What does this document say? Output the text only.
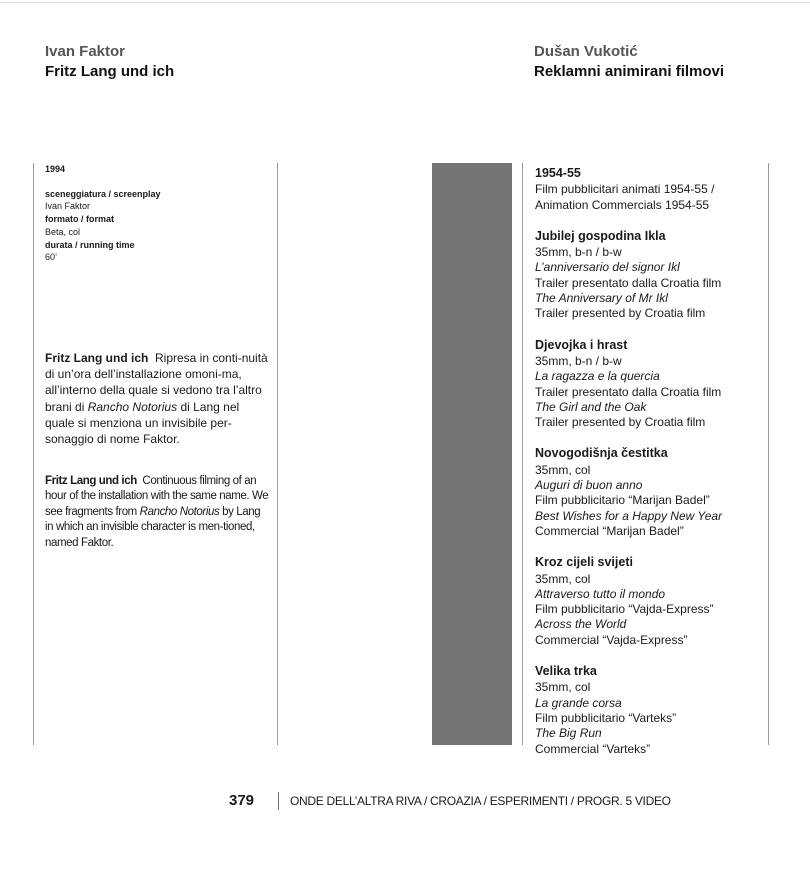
Ivan Faktor
Fritz Lang und ich
Dušan Vukotić
Reklamni animirani filmovi
1994
sceneggiatura / screenplay
Ivan Faktor
formato / format
Beta, col
durata / running time
60’
Fritz Lang und ich Ripresa in conti-nuità di un’ora dell’installazione omoni-ma, all’interno della quale si vedono tra l’altro brani di Rancho Notorius di Lang nel quale si menziona un invisibile per-sonaggio di nome Faktor.
Fritz Lang und ich Continuous filming of an hour of the installation with the same name. We see fragments from Rancho Notorius by Lang in which an invisible character is men-tioned, named Faktor.
1954-55
Film pubblicitari animati 1954-55 /
Animation Commercials 1954-55
Jubilej gospodina Ikla
35mm, b-n / b-w
L’anniversario del signor Ikl
Trailer presentato dalla Croatia film
The Anniversary of Mr Ikl
Trailer presented by Croatia film
Djevojka i hrast
35mm, b-n / b-w
La ragazza e la quercia
Trailer presentato dalla Croatia film
The Girl and the Oak
Trailer presented by Croatia film
Novogodišnja čestitka
35mm, col
Auguri di buon anno
Film pubblicitario “Marijan Badel”
Best Wishes for a Happy New Year
Commercial “Marijan Badel”
Kroz cijeli svijeti
35mm, col
Attraverso tutto il mondo
Film pubblicitario “Vajda-Express”
Across the World
Commercial “Vajda-Express”
Velika trka
35mm, col
La grande corsa
Film pubblicitario “Varteks”
The Big Run
Commercial “Varteks”
379	ONDE DELL’ALTRA RIVA / CROAZIA / ESPERIMENTI / PROGR. 5 VIDEO
